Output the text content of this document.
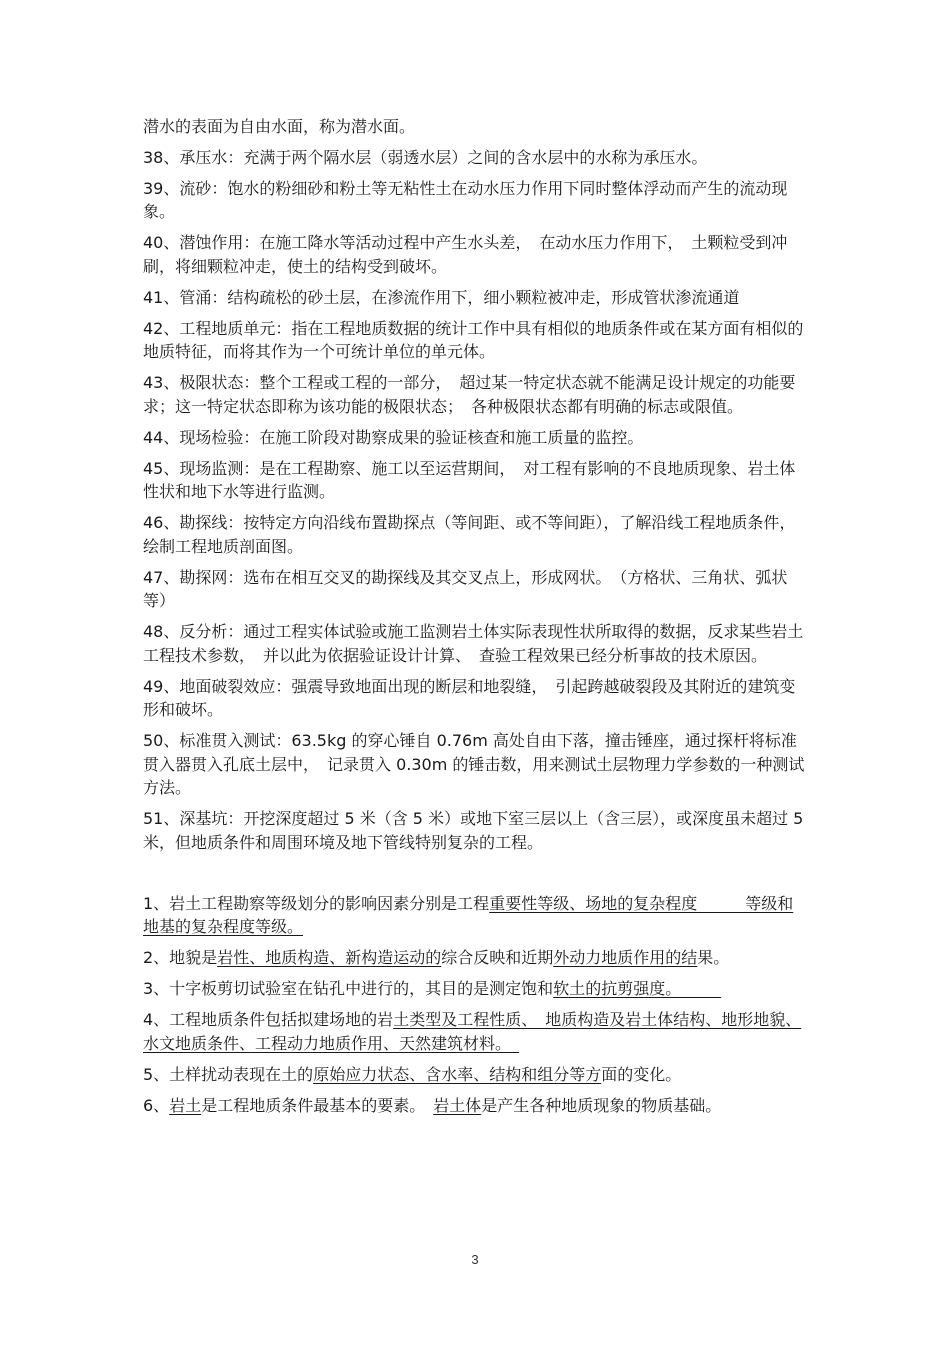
潜水的表面为自由水面，称为潜水面。

38、承压水：充满于两个隔水层（弱透水层）之间的含水层中的水称为承压水。

39、流砂：饱水的粉细砂和粉土等无粘性土在动水压力作用下同时整体浮动而产生的流动现象。

40、潜蚀作用：在施工降水等活动过程中产生水头差，　在动水压力作用下，　土颗粒受到冲刷，将细颗粒冲走，使土的结构受到破坏。

41、管涌：结构疏松的砂土层，在渗流作用下，细小颗粒被冲走，形成管状渗流通道

42、工程地质单元：指在工程地质数据的统计工作中具有相似的地质条件或在某方面有相似的地质特征，而将其作为一个可统计单位的单元体。

43、极限状态：整个工程或工程的一部分，　超过某一特定状态就不能满足设计规定的功能要求；这一特定状态即称为该功能的极限状态；　各种极限状态都有明确的标志或限值。

44、现场检验：在施工阶段对勘察成果的验证核查和施工质量的监控。

45、现场监测：是在工程勘察、施工以至运营期间，　对工程有影响的不良地质现象、岩土体性状和地下水等进行监测。

46、勘探线：按特定方向沿线布置勘探点（等间距、或不等间距），了解沿线工程地质条件，绘制工程地质剖面图。

47、勘探网：选布在相互交叉的勘探线及其交叉点上，形成网状。　（方格状、三角状、弧状等）

48、反分析：通过工程实体试验或施工监测岩土体实际表现性状所取得的数据，反求某些岩土工程技术参数，　并以此为依据验证设计计算、　查验工程效果已经分析事故的技术原因。

49、地面破裂效应：强震导致地面出现的断层和地裂缝，　引起跨越破裂段及其附近的建筑变形和破坏。

50、标准贯入测试：63.5kg 的穿心锤自 0.76m 高处自由下落，撞击锤座，通过探杆将标准贯入器贯入孔底土层中，　记录贯入 0.30m 的锤击数，用来测试土层物理力学参数的一种测试方法。

51、深基坑：开挖深度超过 5 米（含 5 米）或地下室三层以上（含三层），或深度虽未超过 5 米，但地质条件和周围环境及地下管线特别复杂的工程。

1、岩土工程勘察等级划分的影响因素分别是工程重要性等级、场地的复杂程度　　　等级和地基的复杂程度等级。

2、地貌是岩性、地质构造、新构造运动的综合反映和近期外动力地质作用的结果。

3、十字板剪切试验室在钻孔中进行的，其目的是测定饱和软土的抗剪强度。　　　

4、工程地质条件包括拟建场地的岩土类型及工程性质、　地质构造及岩土体结构、地形地貌、水文地质条件、工程动力地质作用、天然建筑材料。　

5、土样扰动表现在土的原始应力状态、含水率、结构和组分等方面的变化。

6、岩土是工程地质条件最基本的要素。　岩土体是产生各种地质现象的物质基础。

3
